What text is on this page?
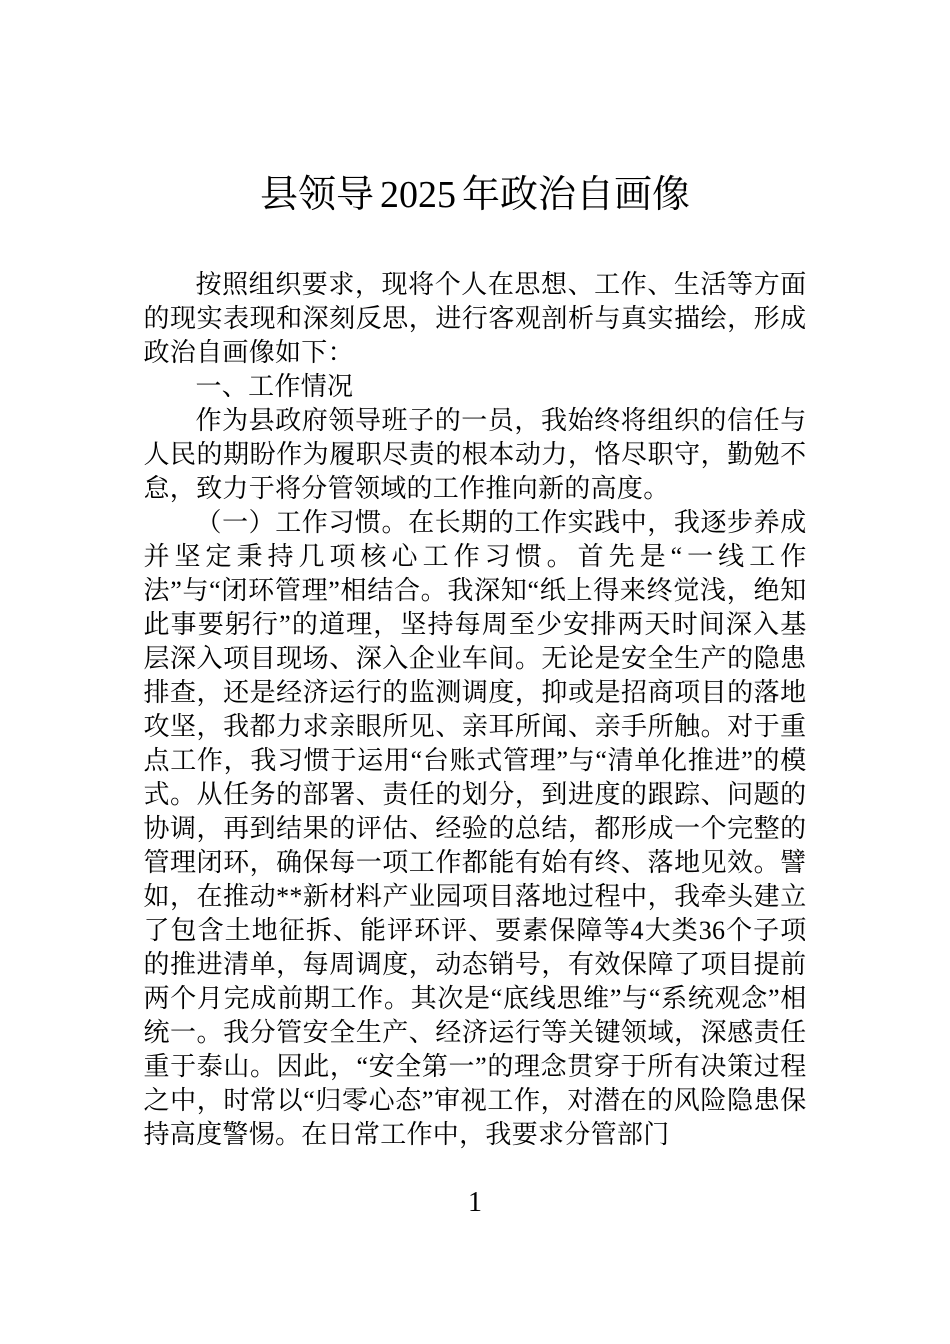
县领导 2025 年政治自画像

按照组织要求，现将个人在思想、工作、生活等方面的现实表现和深刻反思，进行客观剖析与真实描绘，形成政治自画像如下：

一、工作情况

作为县政府领导班子的一员，我始终将组织的信任与人民的期盼作为履职尽责的根本动力，恪尽职守，勤勉不怠，致力于将分管领域的工作推向新的高度。

（一）工作习惯。在长期的工作实践中，我逐步养成并坚定秉持几项核心工作习惯。首先是“一线工作法”与“闭环管理”相结合。我深知“纸上得来终觉浅，绝知此事要躬行”的道理，坚持每周至少安排两天时间深入基层深入项目现场、深入企业车间。无论是安全生产的隐患排查，还是经济运行的监测调度，抑或是招商项目的落地攻坚，我都力求亲眼所见、亲耳所闻、亲手所触。对于重点工作，我习惯于运用“台账式管理”与“清单化推进”的模式。从任务的部署、责任的划分，到进度的跟踪、问题的协调，再到结果的评估、经验的总结，都形成一个完整的管理闭环，确保每一项工作都能有始有终、落地见效。譬如，在推动**新材料产业园项目落地过程中，我牵头建立了包含土地征拆、能评环评、要素保障等4大类36个子项的推进清单，每周调度，动态销号，有效保障了项目提前两个月完成前期工作。其次是“底线思维”与“系统观念”相统一。我分管安全生产、经济运行等关键领域，深感责任重于泰山。因此，“安全第一”的理念贯穿于所有决策过程之中，时常以“归零心态”审视工作，对潜在的风险隐患保持高度警惕。在日常工作中，我要求分管部门

1
